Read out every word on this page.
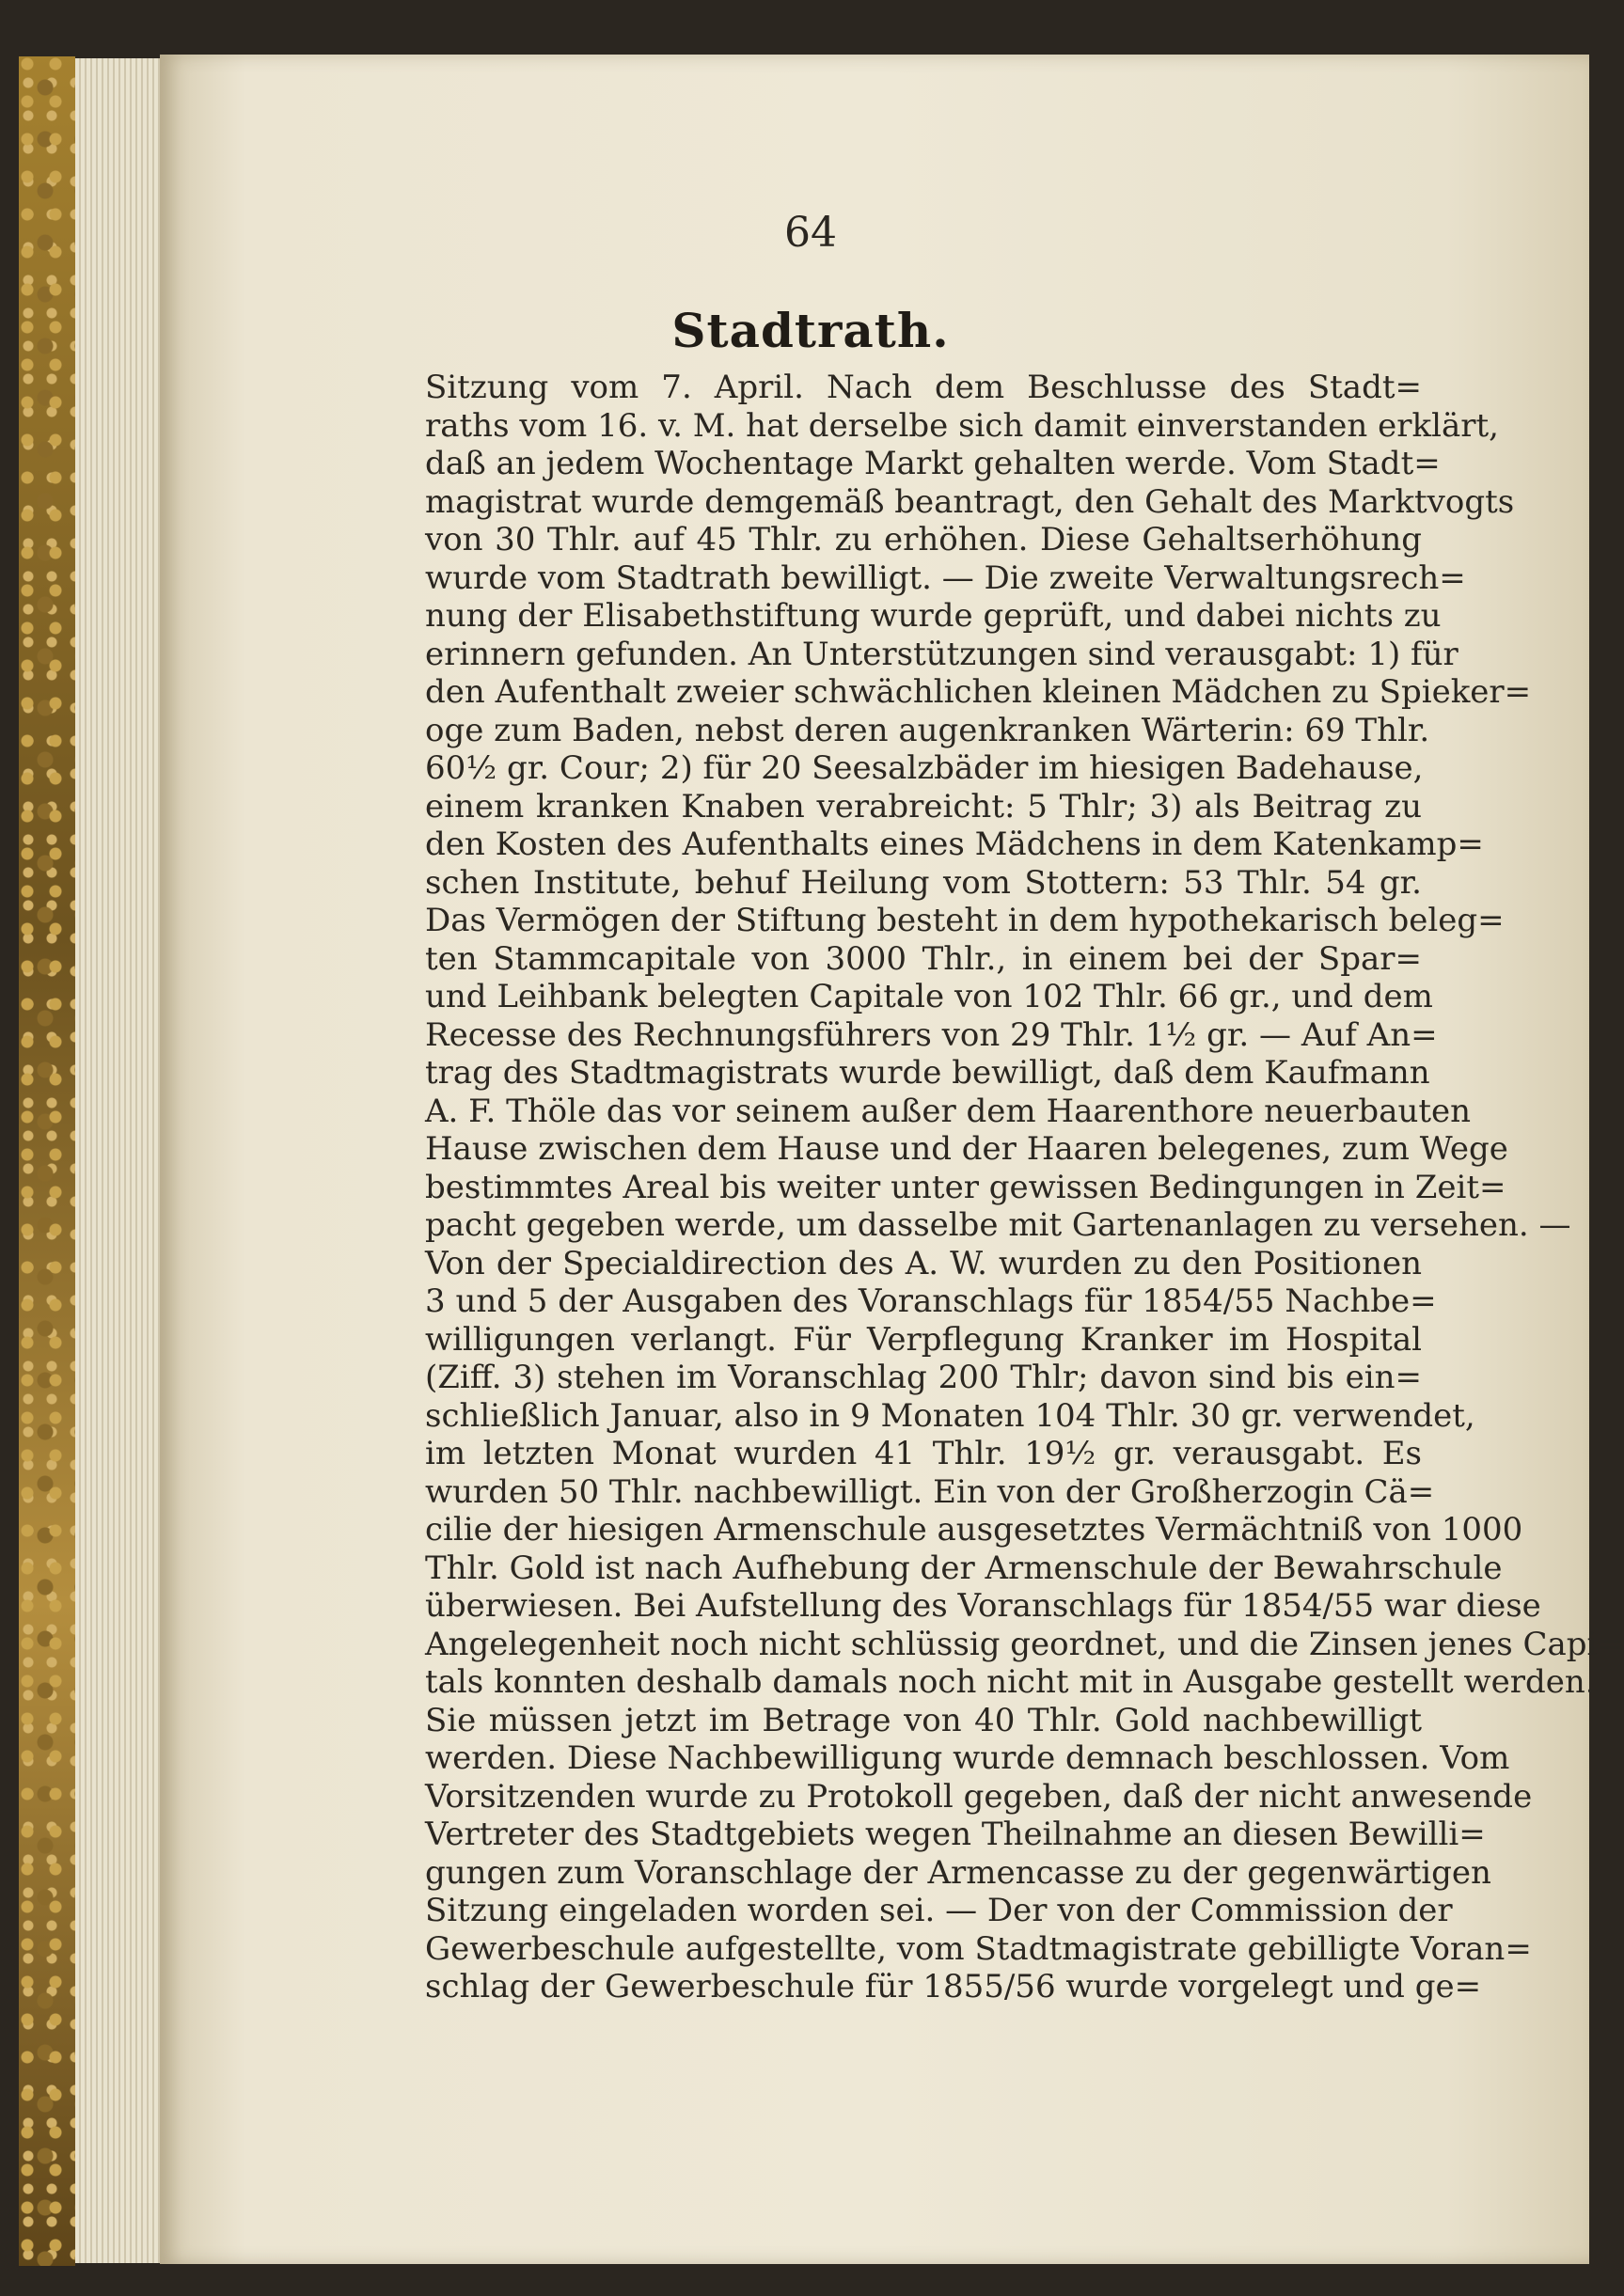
64
Stadtrath.
Sitzung vom 7. April. Nach dem Beschlusse des Stadt=
raths vom 16. v. M. hat derselbe sich damit einverstanden erklärt,
daß an jedem Wochentage Markt gehalten werde. Vom Stadt=
magistrat wurde demgemäß beantragt, den Gehalt des Marktvogts
von 30 Thlr. auf 45 Thlr. zu erhöhen. Diese Gehaltserhöhung
wurde vom Stadtrath bewilligt. — Die zweite Verwaltungsrech=
nung der Elisabethstiftung wurde geprüft, und dabei nichts zu
erinnern gefunden. An Unterstützungen sind verausgabt: 1) für
den Aufenthalt zweier schwächlichen kleinen Mädchen zu Spieker=
oge zum Baden, nebst deren augenkranken Wärterin: 69 Thlr.
60½ gr. Cour; 2) für 20 Seesalzbäder im hiesigen Badehause,
einem kranken Knaben verabreicht: 5 Thlr; 3) als Beitrag zu
den Kosten des Aufenthalts eines Mädchens in dem Katenkamp=
schen Institute, behuf Heilung vom Stottern: 53 Thlr. 54 gr.
Das Vermögen der Stiftung besteht in dem hypothekarisch beleg=
ten Stammcapitale von 3000 Thlr., in einem bei der Spar=
und Leihbank belegten Capitale von 102 Thlr. 66 gr., und dem
Recesse des Rechnungsführers von 29 Thlr. 1½ gr. — Auf An=
trag des Stadtmagistrats wurde bewilligt, daß dem Kaufmann
A. F. Thöle das vor seinem außer dem Haarenthore neuerbauten
Hause zwischen dem Hause und der Haaren belegenes, zum Wege
bestimmtes Areal bis weiter unter gewissen Bedingungen in Zeit=
pacht gegeben werde, um dasselbe mit Gartenanlagen zu versehen. —
Von der Specialdirection des A. W. wurden zu den Positionen
3 und 5 der Ausgaben des Voranschlags für 1854/55 Nachbe=
willigungen verlangt. Für Verpflegung Kranker im Hospital
(Ziff. 3) stehen im Voranschlag 200 Thlr; davon sind bis ein=
schließlich Januar, also in 9 Monaten 104 Thlr. 30 gr. verwendet,
im letzten Monat wurden 41 Thlr. 19½ gr. verausgabt. Es
wurden 50 Thlr. nachbewilligt. Ein von der Großherzogin Cä=
cilie der hiesigen Armenschule ausgesetztes Vermächtniß von 1000
Thlr. Gold ist nach Aufhebung der Armenschule der Bewahrschule
überwiesen. Bei Aufstellung des Voranschlags für 1854/55 war diese
Angelegenheit noch nicht schlüssig geordnet, und die Zinsen jenes Capi=
tals konnten deshalb damals noch nicht mit in Ausgabe gestellt werden.
Sie müssen jetzt im Betrage von 40 Thlr. Gold nachbewilligt
werden. Diese Nachbewilligung wurde demnach beschlossen. Vom
Vorsitzenden wurde zu Protokoll gegeben, daß der nicht anwesende
Vertreter des Stadtgebiets wegen Theilnahme an diesen Bewilli=
gungen zum Voranschlage der Armencasse zu der gegenwärtigen
Sitzung eingeladen worden sei. — Der von der Commission der
Gewerbeschule aufgestellte, vom Stadtmagistrate gebilligte Voran=
schlag der Gewerbeschule für 1855/56 wurde vorgelegt und ge=
